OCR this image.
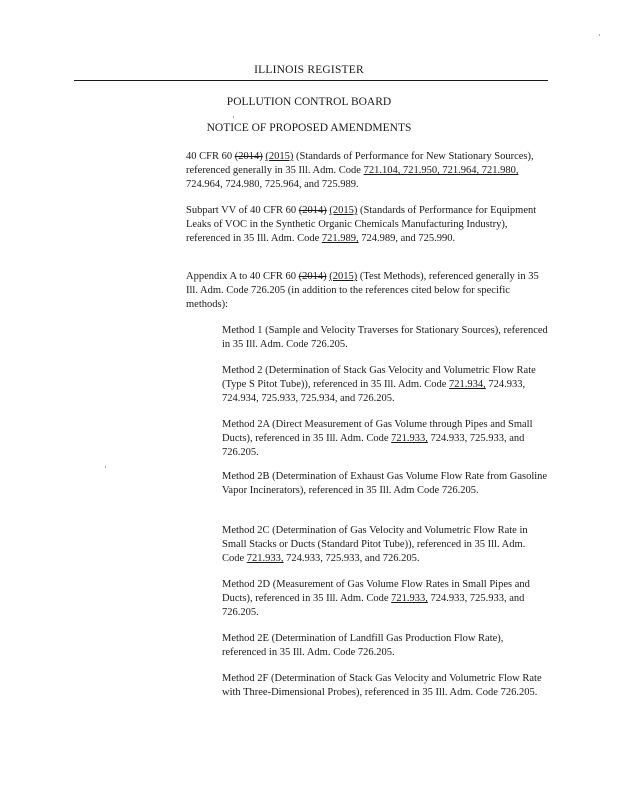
ILLINOIS REGISTER
POLLUTION CONTROL BOARD
NOTICE OF PROPOSED AMENDMENTS

40 CFR 60 (2014) (2015) (Standards of Performance for New Stationary Sources), referenced generally in 35 Ill. Adm. Code 721.104, 721.950, 721.964, 721.980, 724.964, 724.980, 725.964, and 725.989.

Subpart VV of 40 CFR 60 (2014) (2015) (Standards of Performance for Equipment Leaks of VOC in the Synthetic Organic Chemicals Manufacturing Industry), referenced in 35 Ill. Adm. Code 721.989, 724.989, and 725.990.

Appendix A to 40 CFR 60 (2014) (2015) (Test Methods), referenced generally in 35 Ill. Adm. Code 726.205 (in addition to the references cited below for specific methods):

Method 1 (Sample and Velocity Traverses for Stationary Sources), referenced in 35 Ill. Adm. Code 726.205.

Method 2 (Determination of Stack Gas Velocity and Volumetric Flow Rate (Type S Pitot Tube)), referenced in 35 Ill. Adm. Code 721.934, 724.933, 724.934, 725.933, 725.934, and 726.205.

Method 2A (Direct Measurement of Gas Volume through Pipes and Small Ducts), referenced in 35 Ill. Adm. Code 721.933, 724.933, 725.933, and 726.205.

Method 2B (Determination of Exhaust Gas Volume Flow Rate from Gasoline Vapor Incinerators), referenced in 35 Ill. Adm Code 726.205.

Method 2C (Determination of Gas Velocity and Volumetric Flow Rate in Small Stacks or Ducts (Standard Pitot Tube)), referenced in 35 Ill. Adm. Code 721.933, 724.933, 725.933, and 726.205.

Method 2D (Measurement of Gas Volume Flow Rates in Small Pipes and Ducts), referenced in 35 Ill. Adm. Code 721.933, 724.933, 725.933, and 726.205.

Method 2E (Determination of Landfill Gas Production Flow Rate), referenced in 35 Ill. Adm. Code 726.205.

Method 2F (Determination of Stack Gas Velocity and Volumetric Flow Rate with Three-Dimensional Probes), referenced in 35 Ill. Adm. Code 726.205.

·
·
·
